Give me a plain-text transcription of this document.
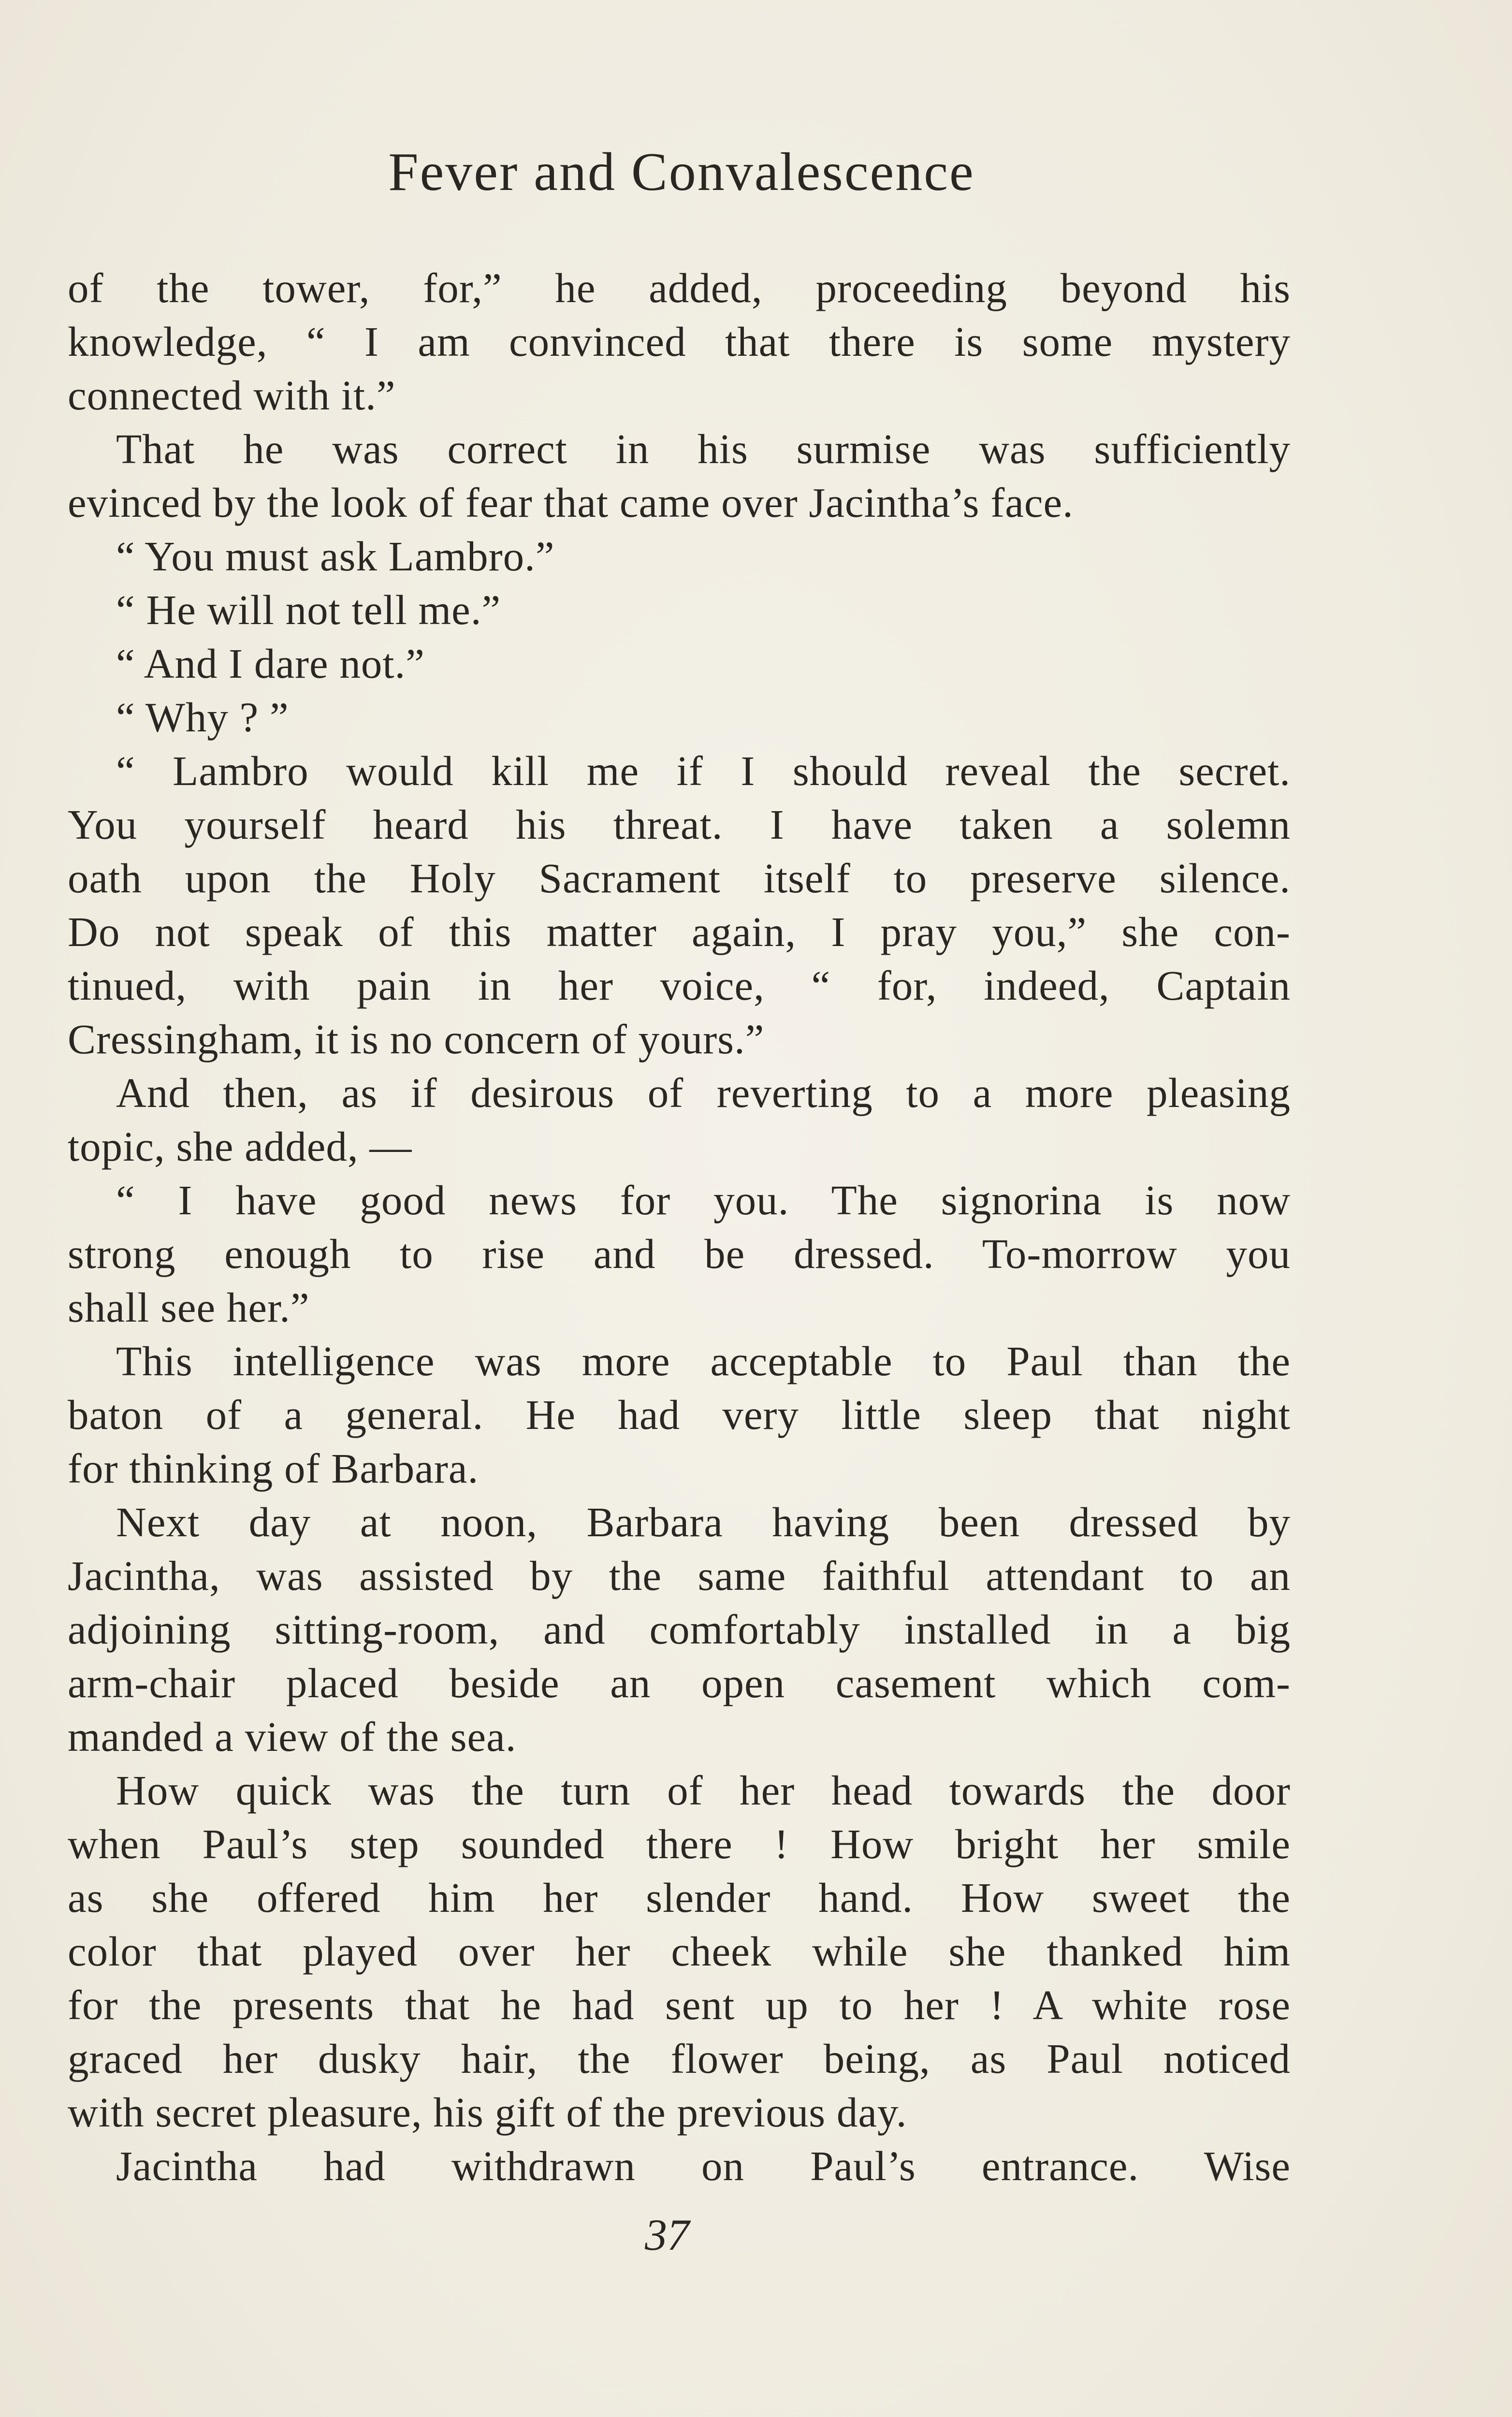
Fever and Convalescence
of the tower, for,” he added, proceeding beyond his
knowledge, “ I am convinced that there is some mystery
connected with it.”
That he was correct in his surmise was sufficiently
evinced by the look of fear that came over Jacintha’s face.
“ You must ask Lambro.”
“ He will not tell me.”
“ And I dare not.”
“ Why ? ”
“ Lambro would kill me if I should reveal the secret.
You yourself heard his threat. I have taken a solemn
oath upon the Holy Sacrament itself to preserve silence.
Do not speak of this matter again, I pray you,” she con-
tinued, with pain in her voice, “ for, indeed, Captain
Cressingham, it is no concern of yours.”
And then, as if desirous of reverting to a more pleasing
topic, she added, —
“ I have good news for you. The signorina is now
strong enough to rise and be dressed. To-morrow you
shall see her.”
This intelligence was more acceptable to Paul than the
baton of a general. He had very little sleep that night
for thinking of Barbara.
Next day at noon, Barbara having been dressed by
Jacintha, was assisted by the same faithful attendant to an
adjoining sitting-room, and comfortably installed in a big
arm-chair placed beside an open casement which com-
manded a view of the sea.
How quick was the turn of her head towards the door
when Paul’s step sounded there ! How bright her smile
as she offered him her slender hand. How sweet the
color that played over her cheek while she thanked him
for the presents that he had sent up to her ! A white rose
graced her dusky hair, the flower being, as Paul noticed
with secret pleasure, his gift of the previous day.
Jacintha had withdrawn on Paul’s entrance. Wise
37
